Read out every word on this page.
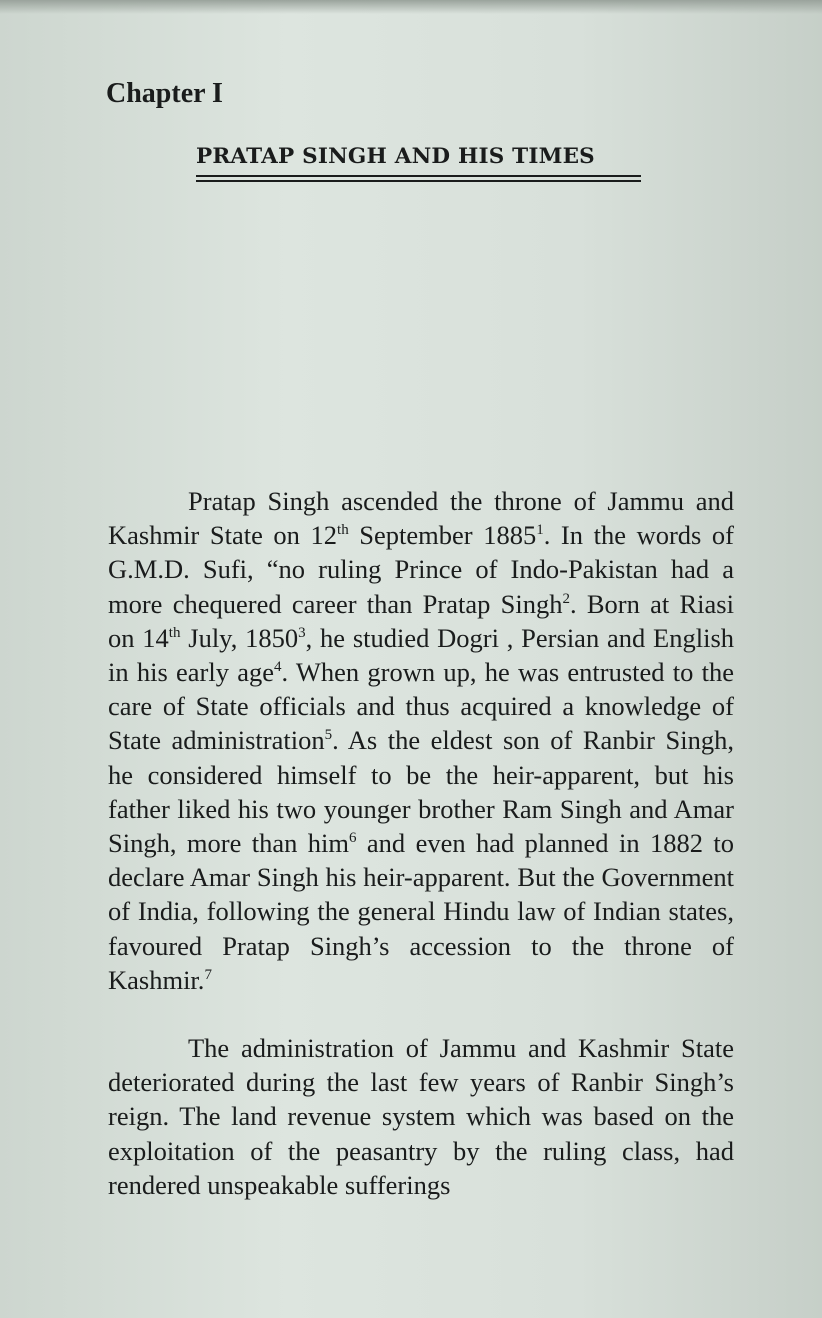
Chapter I
PRATAP SINGH AND HIS TIMES

Pratap Singh ascended the throne of Jammu and Kashmir State on 12th September 1885$^1$. In the words of G.M.D. Sufi, “no ruling Prince of Indo-Pakistan had a more chequered career than Pratap Singh$^2$. Born at Riasi on 14th July, 1850$^3$, he studied Dogri , Persian and English in his early age$^4$. When grown up, he was entrusted to the care of State officials and thus acquired a knowledge of State administration$^5$. As the eldest son of Ranbir Singh, he considered himself to be the heir-apparent, but his father liked his two younger brother Ram Singh and Amar Singh, more than him$^6$ and even had planned in 1882 to declare Amar Singh his heir-apparent. But the Government of India, following the general Hindu law of Indian states, favoured Pratap Singh’s accession to the throne of Kashmir.$^7$

The administration of Jammu and Kashmir State deteriorated during the last few years of Ranbir Singh’s reign. The land revenue system which was based on the exploitation of the peasantry by the ruling class, had rendered unspeakable sufferings
